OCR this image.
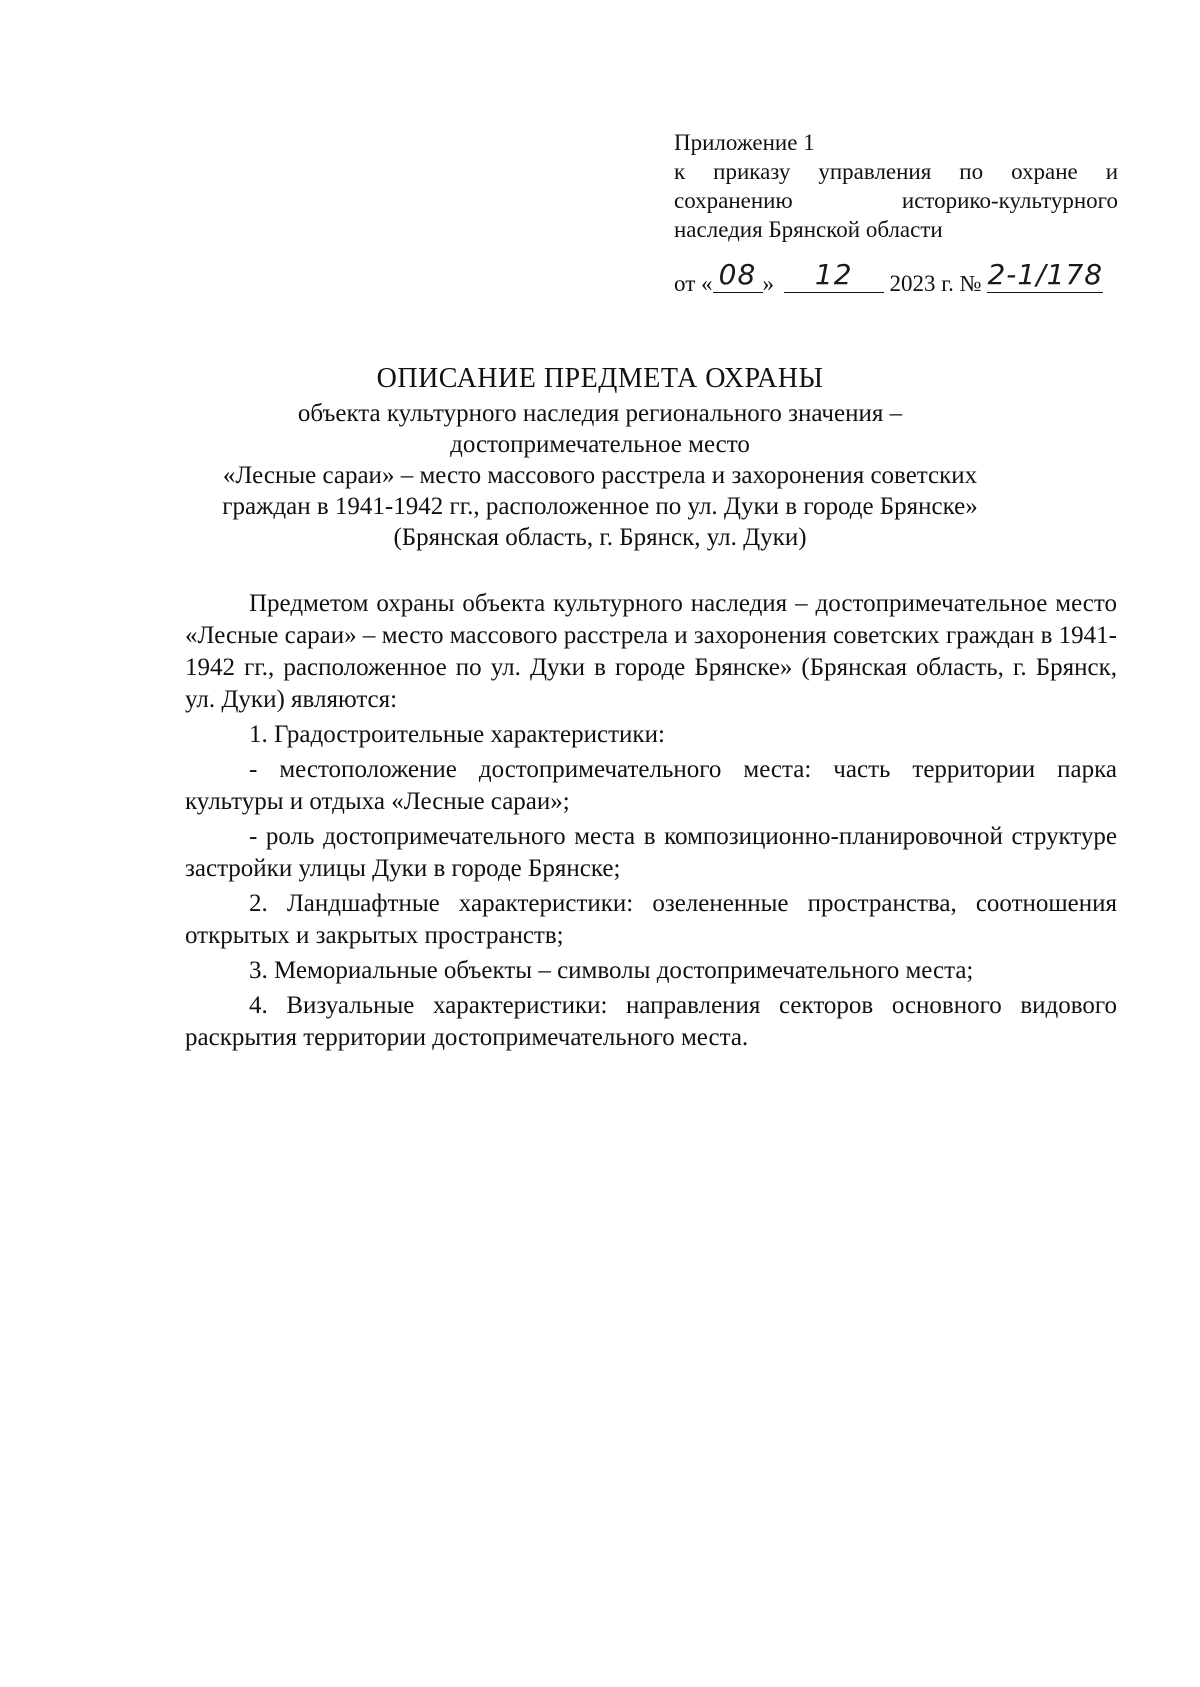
Приложение 1
к приказу управления по охране и
сохранению историко-культурного
наследия Брянской области
от « 08 » 12 2023 г. № 2-1/178
ОПИСАНИЕ ПРЕДМЕТА ОХРАНЫ
объекта культурного наследия регионального значения –
достопримечательное место
«Лесные сараи» – место массового расстрела и захоронения советских
граждан в 1941-1942 гг., расположенное по ул. Дуки в городе Брянске»
(Брянская область, г. Брянск, ул. Дуки)

Предметом охраны объекта культурного наследия – достопримечательное место «Лесные сараи» – место массового расстрела и захоронения советских граждан в 1941-1942 гг., расположенное по ул. Дуки в городе Брянске» (Брянская область, г. Брянск, ул. Дуки) являются:

1. Градостроительные характеристики:

- местоположение достопримечательного места: часть территории парка культуры и отдыха «Лесные сараи»;

- роль достопримечательного места в композиционно-планировочной структуре застройки улицы Дуки в городе Брянске;

2. Ландшафтные характеристики: озелененные пространства, соотношения открытых и закрытых пространств;

3. Мемориальные объекты – символы достопримечательного места;

4. Визуальные характеристики: направления секторов основного видового раскрытия территории достопримечательного места.
